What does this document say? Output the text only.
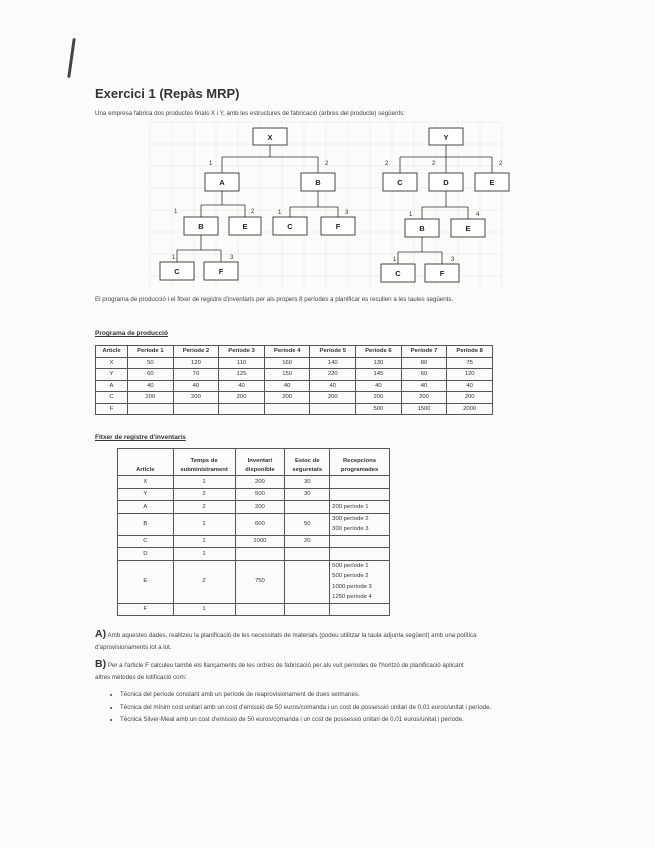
Exercici 1 (Repàs MRP)
Una empresa fabrica dos productes finals X i Y, amb les estructures de fabricació (arbres del producte) següents:
X
A	B
B	E	C	F
C	F
Y
C	D	E
B	E
C	F
1	2
1	2	1	3
1	3
2	2	2
1	4
1	3
El programa de producció i el fitxer de registre d'inventaris per als propers 8 períodes a planificar es recullen a les taules següents.
Programa de producció
Article	Període 1	Període 2	Període 3	Període 4	Període 5	Període 6	Període 7	Període 8
X	50	120	110	160	140	130	80	75
Y	60	70	125	150	220	145	60	120
A	40	40	40	40	40	40	40	40
C	200	200	200	200	200	200	200	200
F						500	1500	2000
Fitxer de registre d'inventaris
Article	Temps de subministrament	Inventari disponible	Estoc de seguretats	Recepcions programades
X	1	200	30	
Y	2	500	30	
A	2	200		200 període 1

B	1	600	50	300 període 2
300 període 3

C	1	1000	20	
D	1			
E	2	750		500 període 1
500 període 2
1000 període 3
1250 període 4

F	1			
A) Amb aquestes dades, realitzeu la planificació de les necessitats de materials (podeu utilitzar la taula adjunta següent) amb una política
d'aprovisionaments lot a lot.
B) Per a l'article F calculeu també els llançaments de les ordres de fabricació per als vuit períodes de l'horitzó de planificació aplicant
altres mètodes de lotificació com:
• Tècnica del període constant amb un període de reaprovisionament de dues setmanes.
• Tècnica del mínim cost unitari amb un cost d'emissió de 50 euros/comanda i un cost de possessió unitari de 0,01 euros/unitat i període.
• Tècnica Silver-Meal amb un cost d'emissió de 50 euros/comanda i un cost de possessió unitari de 0,01 euros/unitat i període.
